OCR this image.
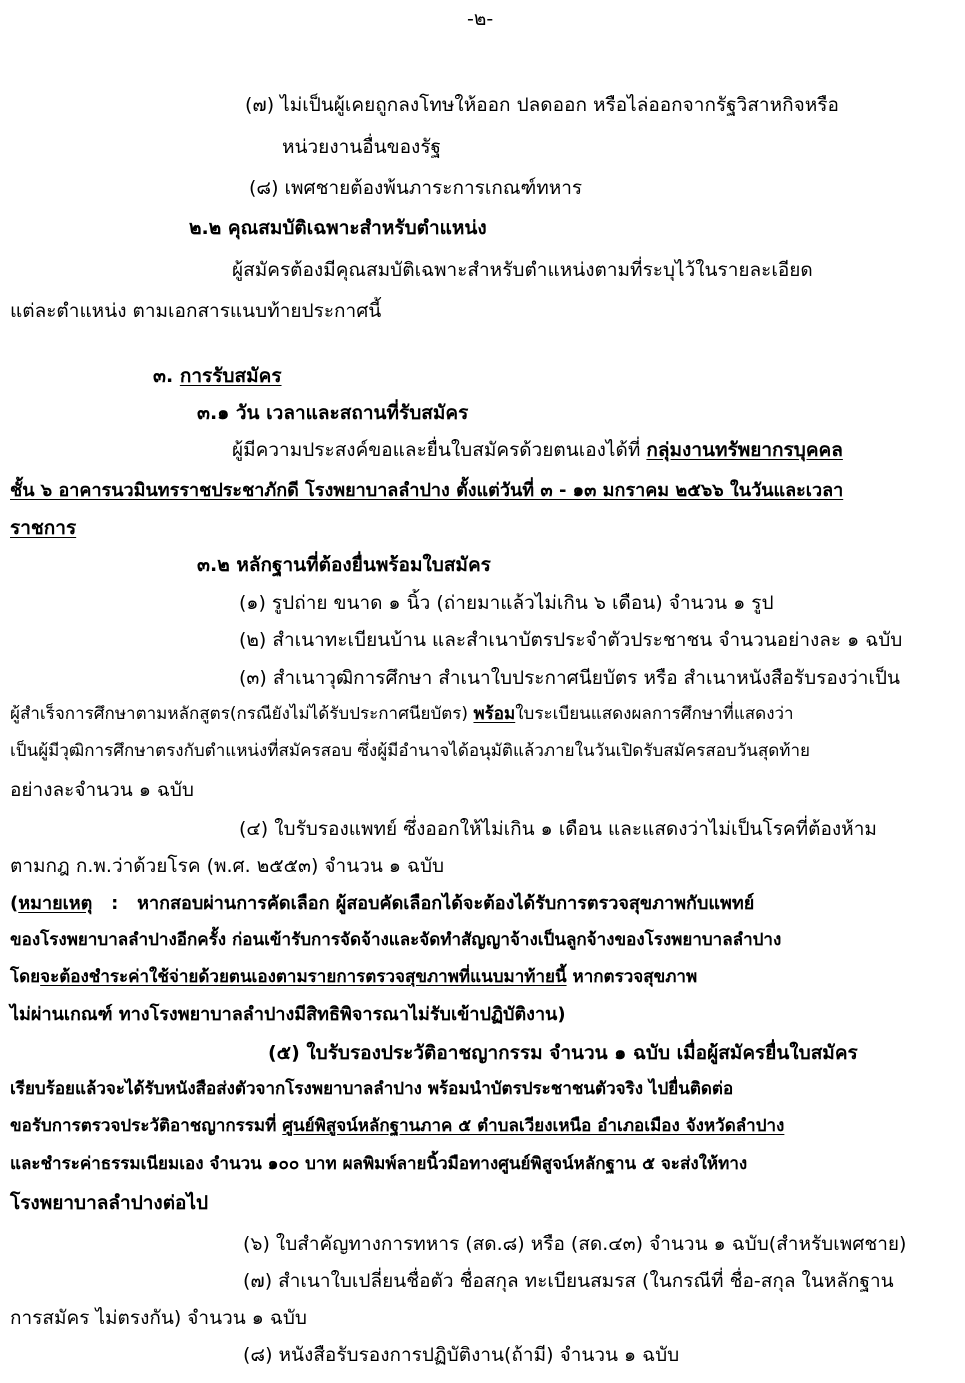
-๒-
(๗) ไม่เป็นผู้เคยถูกลงโทษให้ออก ปลดออก หรือไล่ออกจากรัฐวิสาหกิจหรือ
หน่วยงานอื่นของรัฐ
(๘) เพศชายต้องพ้นภาระการเกณฑ์ทหาร
๒.๒ คุณสมบัติเฉพาะสำหรับตำแหน่ง
ผู้สมัครต้องมีคุณสมบัติเฉพาะสำหรับตำแหน่งตามที่ระบุไว้ในรายละเอียด
แต่ละตำแหน่ง ตามเอกสารแนบท้ายประกาศนี้
๓. การรับสมัคร
๓.๑ วัน เวลาและสถานที่รับสมัคร
ผู้มีความประสงค์ขอและยื่นใบสมัครด้วยตนเองได้ที่ กลุ่มงานทรัพยากรบุคคล
ชั้น ๖ อาคารนวมินทรราชประชาภักดี โรงพยาบาลลำปาง ตั้งแต่วันที่ ๓ - ๑๓ มกราคม ๒๕๖๖ ในวันและเวลา
ราชการ
๓.๒ หลักฐานที่ต้องยื่นพร้อมใบสมัคร
(๑) รูปถ่าย ขนาด ๑ นิ้ว (ถ่ายมาแล้วไม่เกิน ๖ เดือน) จำนวน ๑ รูป
(๒) สำเนาทะเบียนบ้าน และสำเนาบัตรประจำตัวประชาชน จำนวนอย่างละ ๑ ฉบับ
(๓) สำเนาวุฒิการศึกษา สำเนาใบประกาศนียบัตร หรือ สำเนาหนังสือรับรองว่าเป็น
ผู้สำเร็จการศึกษาตามหลักสูตร(กรณียังไม่ได้รับประกาศนียบัตร) พร้อมใบระเบียนแสดงผลการศึกษาที่แสดงว่า
เป็นผู้มีวุฒิการศึกษาตรงกับตำแหน่งที่สมัครสอบ ซึ่งผู้มีอำนาจได้อนุมัติแล้วภายในวันเปิดรับสมัครสอบวันสุดท้าย
อย่างละจำนวน ๑ ฉบับ
(๔) ใบรับรองแพทย์ ซึ่งออกให้ไม่เกิน ๑ เดือน และแสดงว่าไม่เป็นโรคที่ต้องห้าม
ตามกฎ ก.พ.ว่าด้วยโรค (พ.ศ. ๒๕๕๓) จำนวน ๑ ฉบับ
(หมายเหตุ : หากสอบผ่านการคัดเลือก ผู้สอบคัดเลือกได้จะต้องได้รับการตรวจสุขภาพกับแพทย์
ของโรงพยาบาลลำปางอีกครั้ง ก่อนเข้ารับการจัดจ้างและจัดทำสัญญาจ้างเป็นลูกจ้างของโรงพยาบาลลำปาง
โดยจะต้องชำระค่าใช้จ่ายด้วยตนเองตามรายการตรวจสุขภาพที่แนบมาท้ายนี้ หากตรวจสุขภาพ
ไม่ผ่านเกณฑ์ ทางโรงพยาบาลลำปางมีสิทธิพิจารณาไม่รับเข้าปฏิบัติงาน)
(๕) ใบรับรองประวัติอาชญากรรม จำนวน ๑ ฉบับ เมื่อผู้สมัครยื่นใบสมัคร
เรียบร้อยแล้วจะได้รับหนังสือส่งตัวจากโรงพยาบาลลำปาง พร้อมนำบัตรประชาชนตัวจริง ไปยื่นติดต่อ
ขอรับการตรวจประวัติอาชญากรรมที่ ศูนย์พิสูจน์หลักฐานภาค ๕ ตำบลเวียงเหนือ อำเภอเมือง จังหวัดลำปาง
และชำระค่าธรรมเนียมเอง จำนวน ๑๐๐ บาท ผลพิมพ์ลายนิ้วมือทางศูนย์พิสูจน์หลักฐาน ๕ จะส่งให้ทาง
โรงพยาบาลลำปางต่อไป
(๖) ใบสำคัญทางการทหาร (สด.๘) หรือ (สด.๔๓) จำนวน ๑ ฉบับ(สำหรับเพศชาย)
(๗) สำเนาใบเปลี่ยนชื่อตัว ชื่อสกุล ทะเบียนสมรส (ในกรณีที่ ชื่อ-สกุล ในหลักฐาน
การสมัคร ไม่ตรงกัน) จำนวน ๑ ฉบับ
(๘) หนังสือรับรองการปฏิบัติงาน(ถ้ามี) จำนวน ๑ ฉบับ
